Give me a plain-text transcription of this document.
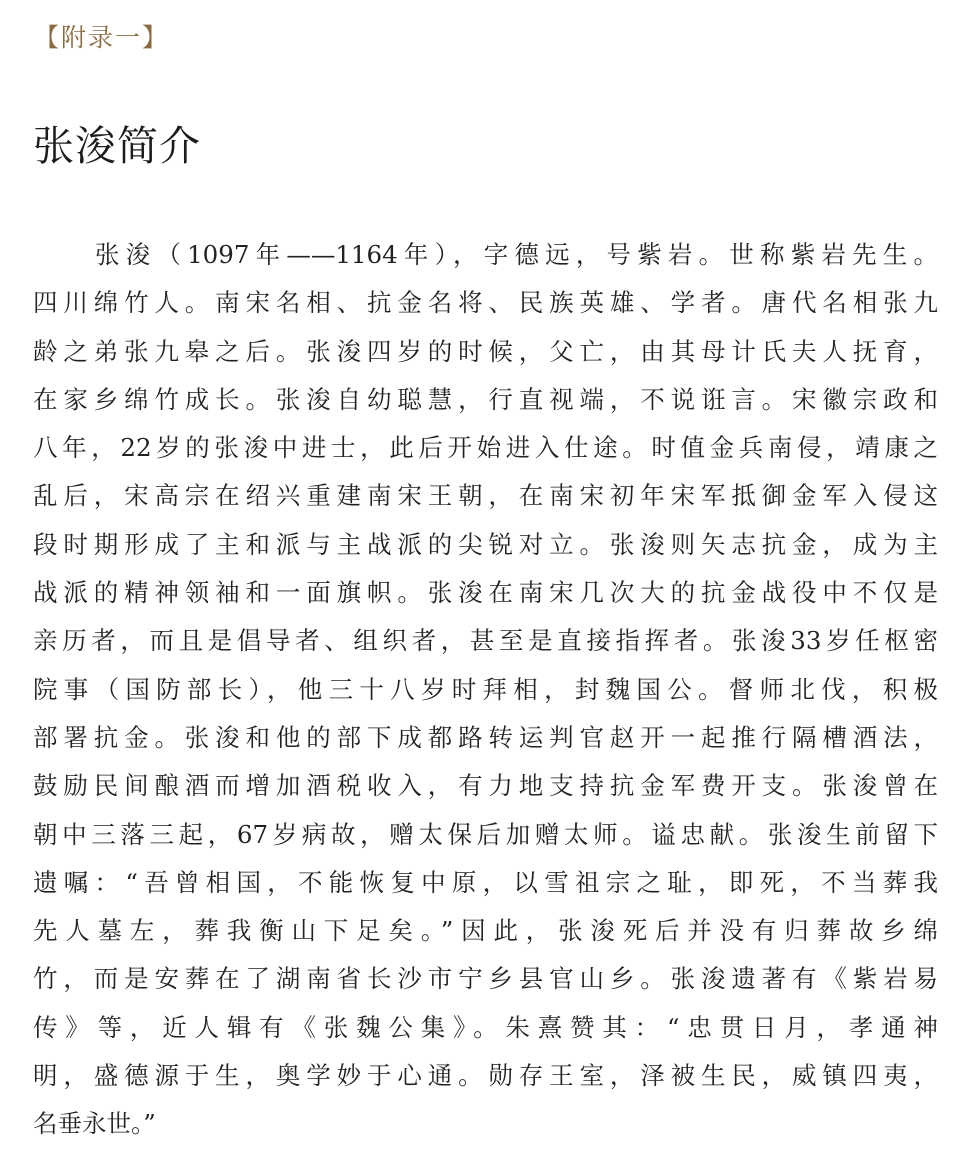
【附录一】
张浚简介
张浚（1097年——1164年），字德远，号紫岩。世称紫岩先生。
四川绵竹人。南宋名相、抗金名将、民族英雄、学者。唐代名相张九
龄之弟张九皋之后。张浚四岁的时候，父亡，由其母计氏夫人抚育，
在家乡绵竹成长。张浚自幼聪慧，行直视端，不说诳言。宋徽宗政和
八年，22岁的张浚中进士，此后开始进入仕途。时值金兵南侵，靖康之
乱后，宋高宗在绍兴重建南宋王朝，在南宋初年宋军抵御金军入侵这
段时期形成了主和派与主战派的尖锐对立。张浚则矢志抗金，成为主
战派的精神领袖和一面旗帜。张浚在南宋几次大的抗金战役中不仅是
亲历者，而且是倡导者、组织者，甚至是直接指挥者。张浚33岁任枢密
院事（国防部长），他三十八岁时拜相，封魏国公。督师北伐，积极
部署抗金。张浚和他的部下成都路转运判官赵开一起推行隔槽酒法，
鼓励民间酿酒而增加酒税收入，有力地支持抗金军费开支。张浚曾在
朝中三落三起，67岁病故，赠太保后加赠太师。谥忠献。张浚生前留下
遗嘱：“吾曾相国，不能恢复中原，以雪祖宗之耻，即死，不当葬我
先人墓左，葬我衡山下足矣。”因此，张浚死后并没有归葬故乡绵
竹，而是安葬在了湖南省长沙市宁乡县官山乡。张浚遗著有《紫岩易
传》等，近人辑有《张魏公集》。朱熹赞其：“忠贯日月，孝通神
明，盛德源于生，奥学妙于心通。勋存王室，泽被生民，威镇四夷，
名垂永世。”
